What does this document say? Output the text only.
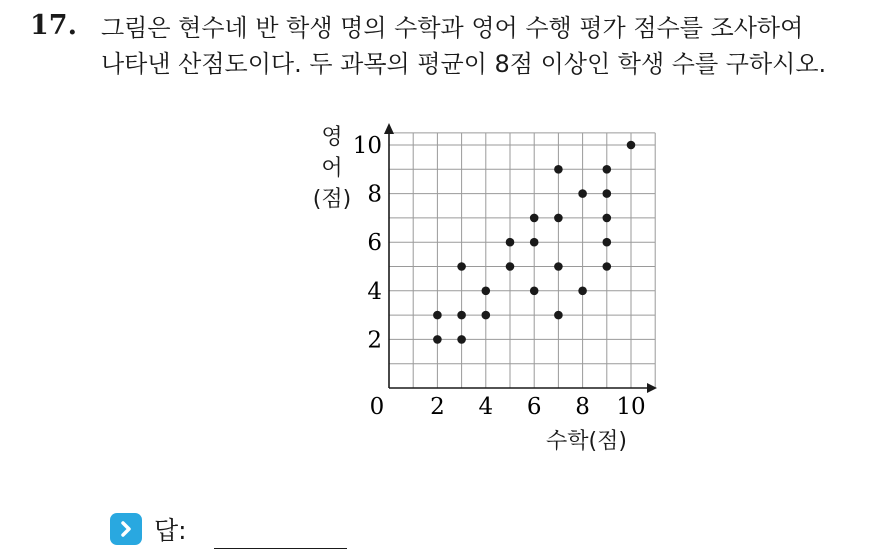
17. 그림은 현수네 반 학생 명의 수학과 영어 수행 평가 점수를 조사하여
나타낸 산점도이다. 두 과목의 평균이 8점 이상인 학생 수를 구하시오.
0 2 4 6 8 10
2
4
6
8
10
영
어
(점)
수학(점)
답:
